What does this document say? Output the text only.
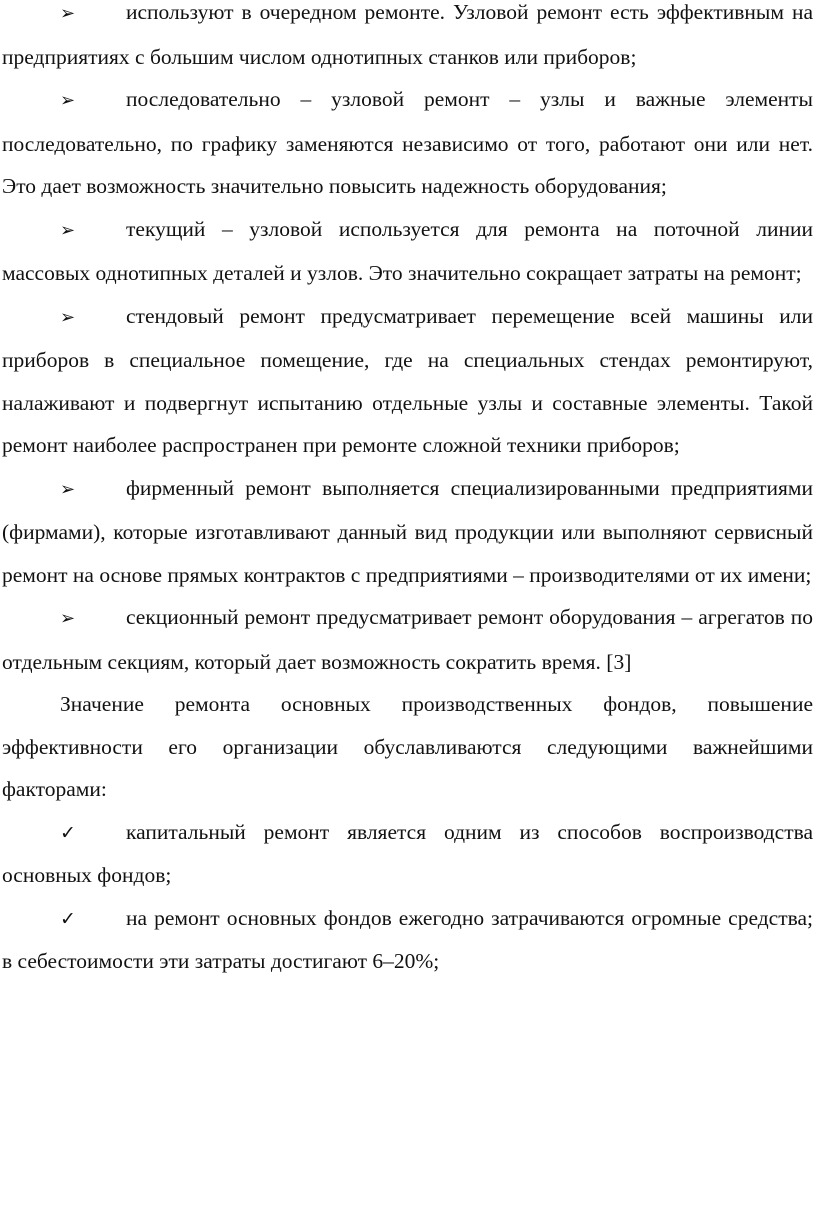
➢ используют в очередном ремонте. Узловой ремонт есть эффективным на предприятиях с большим числом однотипных станков или приборов;

➢ последовательно – узловой ремонт – узлы и важные элементы последовательно, по графику заменяются независимо от того, работают они или нет. Это дает возможность значительно повысить надежность оборудования;

➢ текущий – узловой используется для ремонта на поточной линии массовых однотипных деталей и узлов. Это значительно сокращает затраты на ремонт;

➢ стендовый ремонт предусматривает перемещение всей машины или приборов в специальное помещение, где на специальных стендах ремонтируют, налаживают и подвергнут испытанию отдельные узлы и составные элементы. Такой ремонт наиболее распространен при ремонте сложной техники приборов;

➢ фирменный ремонт выполняется специализированными предприятиями (фирмами), которые изготавливают данный вид продукции или выполняют сервисный ремонт на основе прямых контрактов с предприятиями – производителями от их имени;

➢ секционный ремонт предусматривает ремонт оборудования – агрегатов по отдельным секциям, который дает возможность сократить время. [3]

Значение ремонта основных производственных фондов, повышение эффективности его организации обуславливаются следующими важнейшими факторами:

✓ капитальный ремонт является одним из способов воспроизводства основных фондов;

✓ на ремонт основных фондов ежегодно затрачиваются огромные средства; в себестоимости эти затраты достигают 6–20%;
